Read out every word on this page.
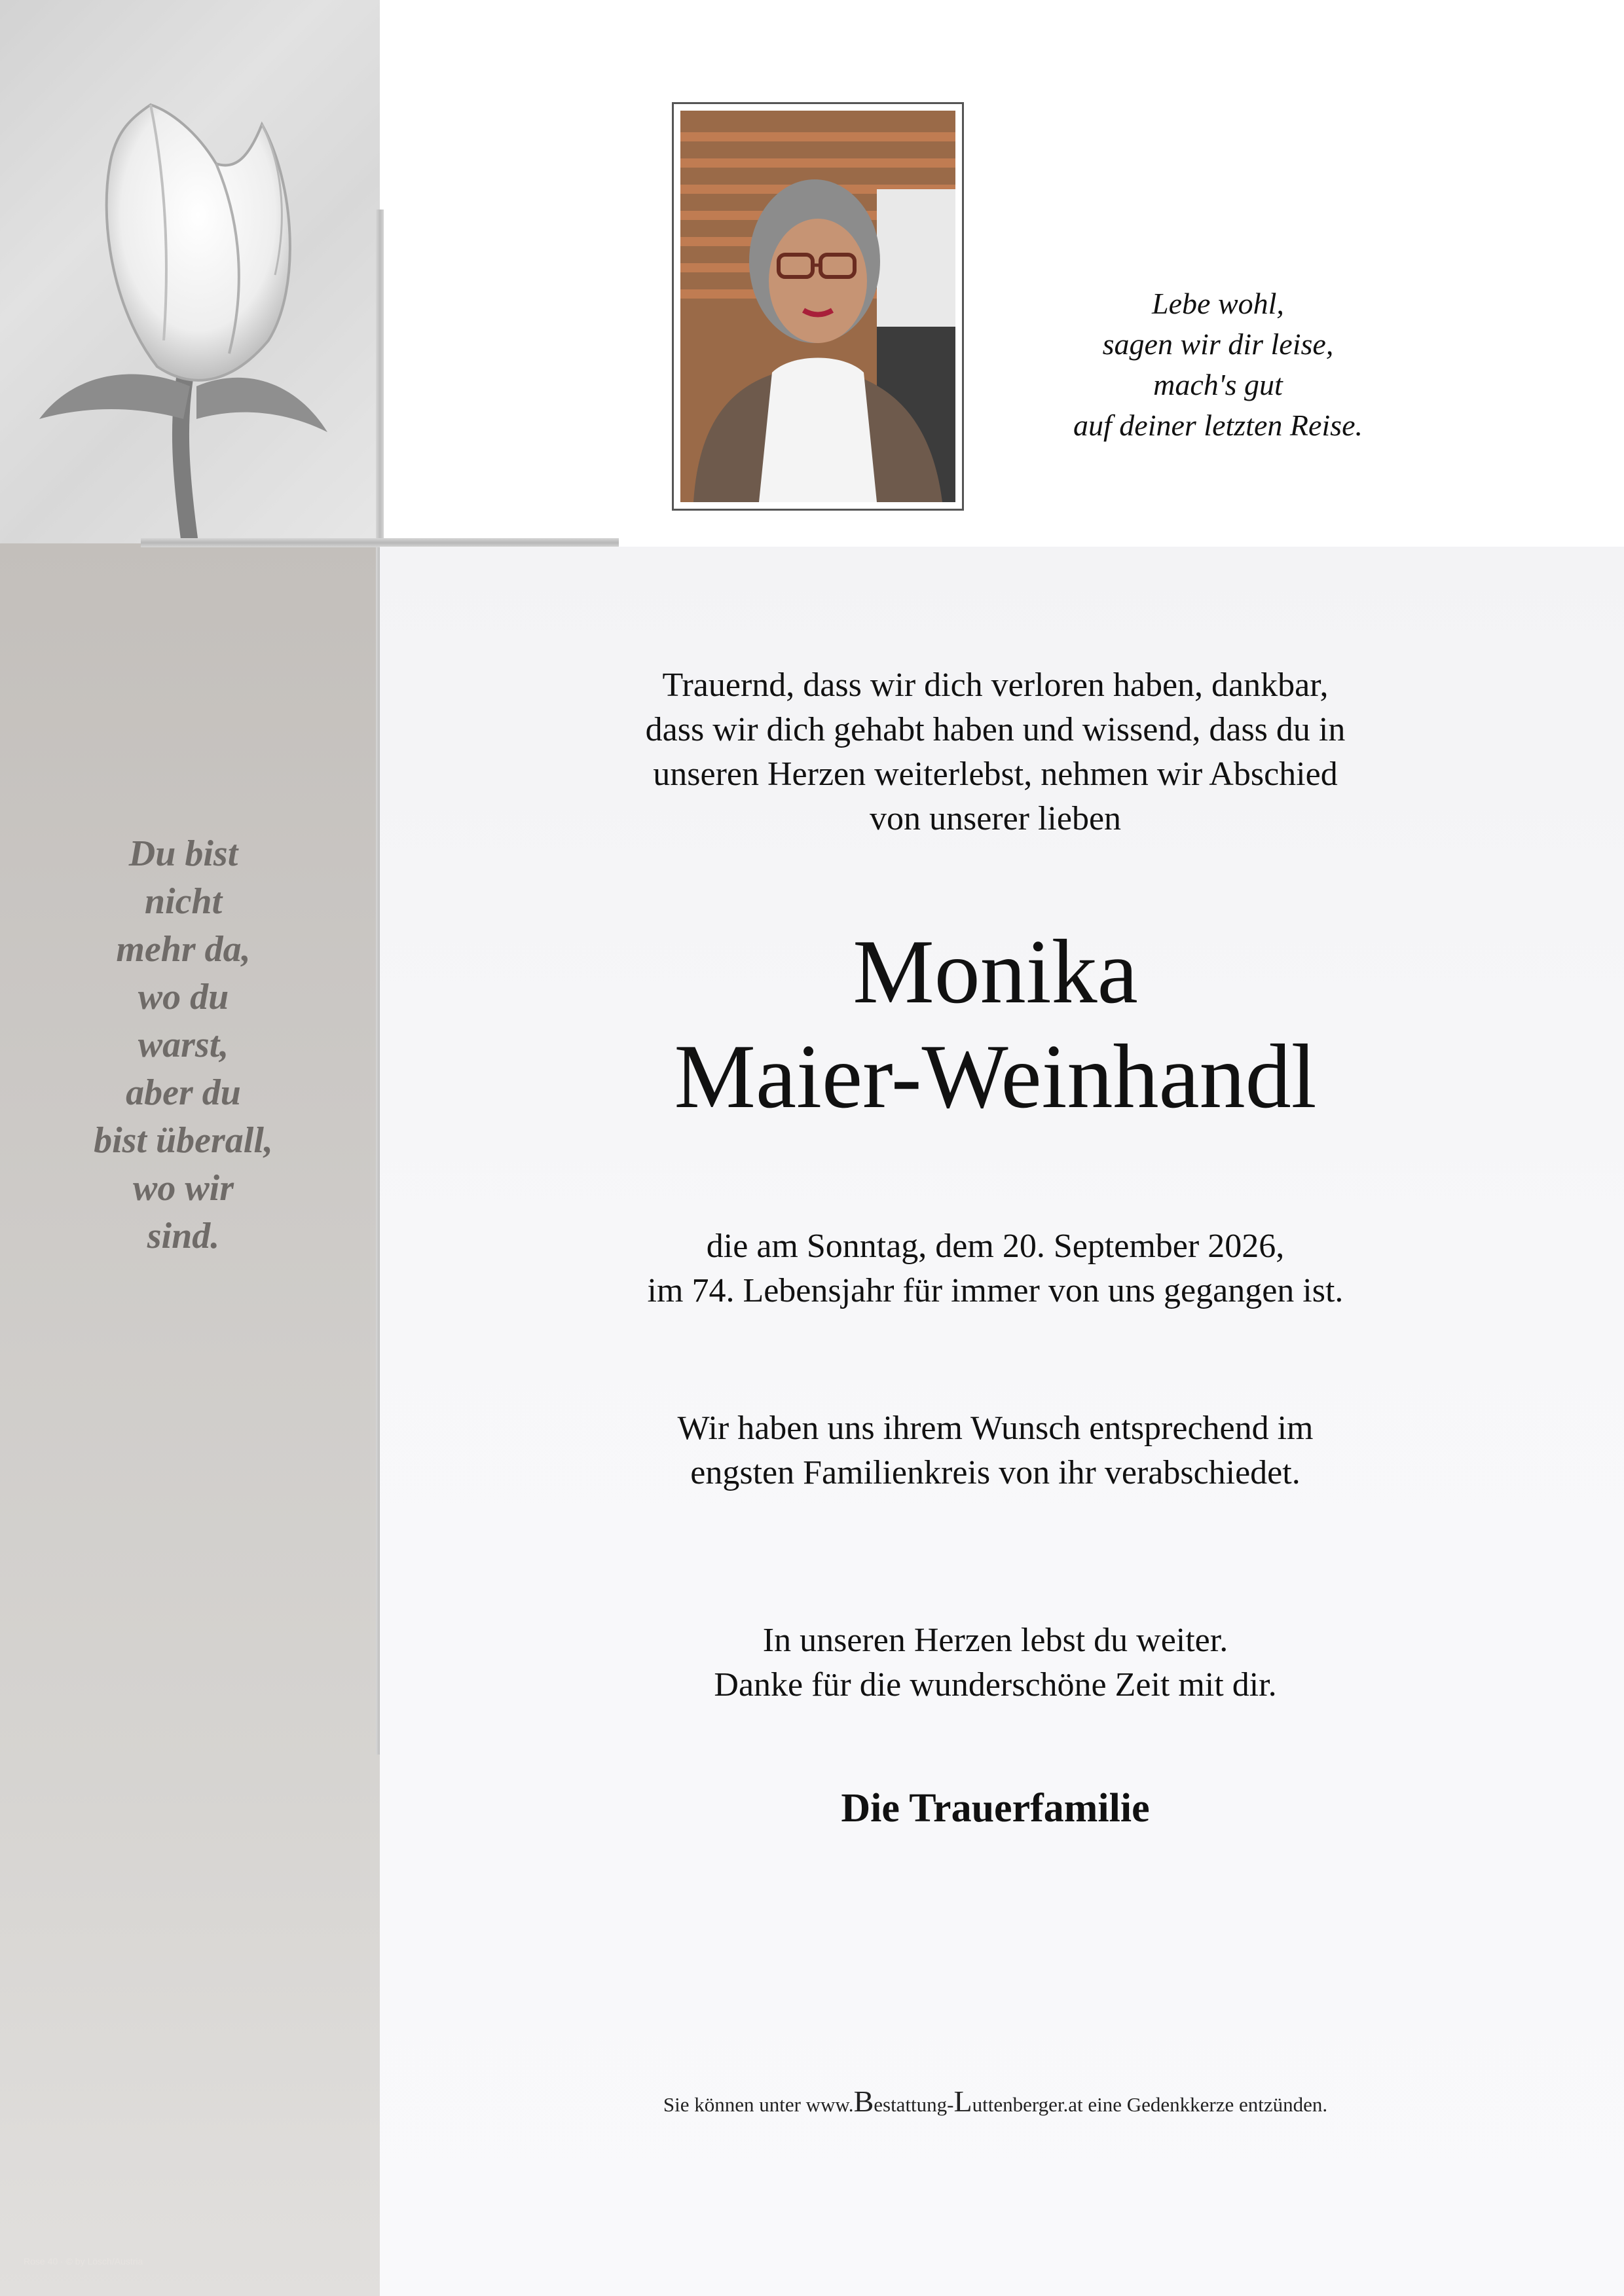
Lebe wohl,
sagen wir dir leise,
mach's gut
auf deiner letzten Reise.
Du bist
nicht
mehr da,
wo du
warst,
aber du
bist überall,
wo wir
sind.
Trauernd, dass wir dich verloren haben, dankbar,
dass wir dich gehabt haben und wissend, dass du in
unseren Herzen weiterlebst, nehmen wir Abschied
von unserer lieben
Monika
Maier-Weinhandl
die am Sonntag, dem 20. September 2026,
im 74. Lebensjahr für immer von uns gegangen ist.
Wir haben uns ihrem Wunsch entsprechend im
engsten Familienkreis von ihr verabschiedet.
In unseren Herzen lebst du weiter.
Danke für die wunderschöne Zeit mit dir.
Die Trauerfamilie
Sie können unter www.Bestattung-Luttenberger.at eine Gedenkkerze entzünden.
Rose 40 · © by Lösch/Austria
